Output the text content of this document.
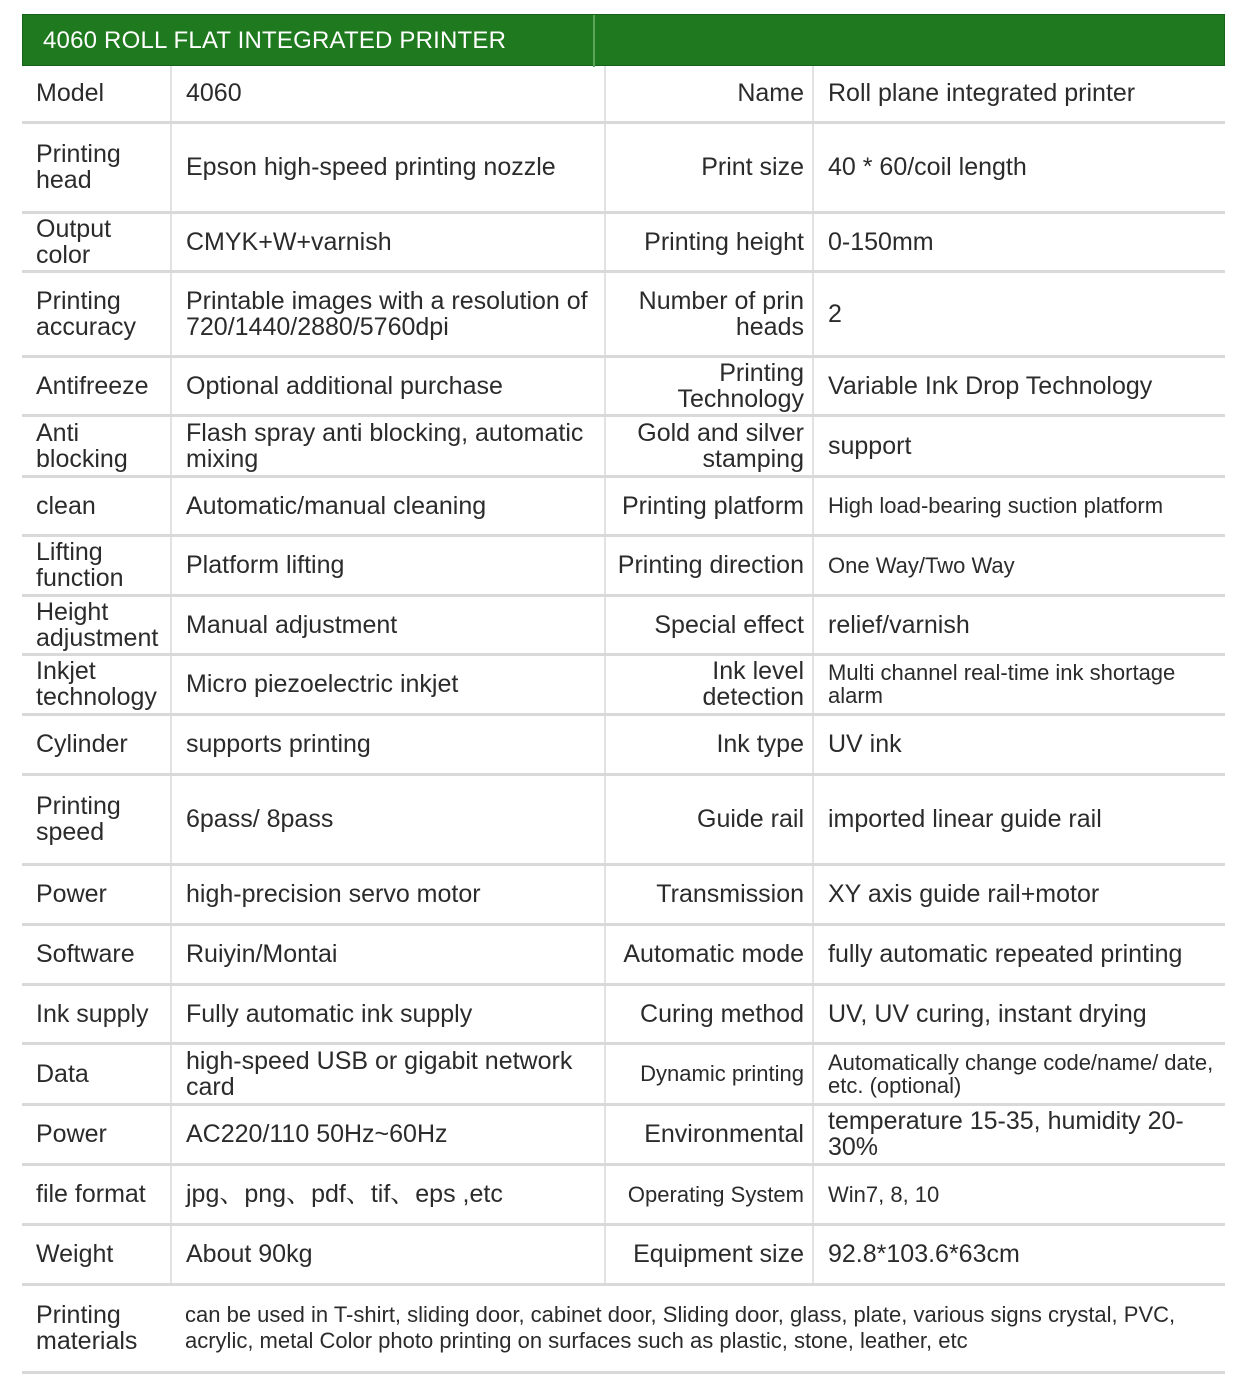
4060 ROLL FLAT INTEGRATED PRINTER
Model	4060	Name	Roll plane integrated printer
Printing head	Epson high-speed printing nozzle	Print size	40 * 60/coil length
Output color	CMYK+W+varnish	Printing height	0-150mm
Printing accuracy	Printable images with a resolution of 720/1440/2880/5760dpi	Number of prin heads	2
Antifreeze	Optional additional purchase	Printing Technology	Variable Ink Drop Technology
Anti blocking	Flash spray anti blocking, automatic mixing	Gold and silver stamping	support
clean	Automatic/manual cleaning	Printing platform	High load-bearing suction platform
Lifting function	Platform lifting	Printing direction	One Way/Two Way
Height adjustment	Manual adjustment	Special effect	relief/varnish
Inkjet technology	Micro piezoelectric inkjet	Ink level detection	Multi channel real-time ink shortage alarm
Cylinder	supports printing	Ink type	UV ink
Printing speed	6pass/ 8pass	Guide rail	imported linear guide rail
Power	high-precision servo motor	Transmission	XY axis guide rail+motor
Software	Ruiyin/Montai	Automatic mode	fully automatic repeated printing
Ink supply	Fully automatic ink supply	Curing method	UV, UV curing, instant drying
Data	high-speed USB or gigabit network card	Dynamic printing	Automatically change code/name/ date, etc. (optional)
Power	AC220/110 50Hz~60Hz	Environmental	temperature 15-35, humidity 20-30%
file format	jpg、png、pdf、tif、eps ,etc	Operating System	Win7, 8, 10
Weight	About 90kg	Equipment size	92.8*103.6*63cm
Printing materials	can be used in T-shirt, sliding door, cabinet door, Sliding door, glass, plate, various signs crystal, PVC, acrylic, metal Color photo printing on surfaces such as plastic, stone, leather, etc		
